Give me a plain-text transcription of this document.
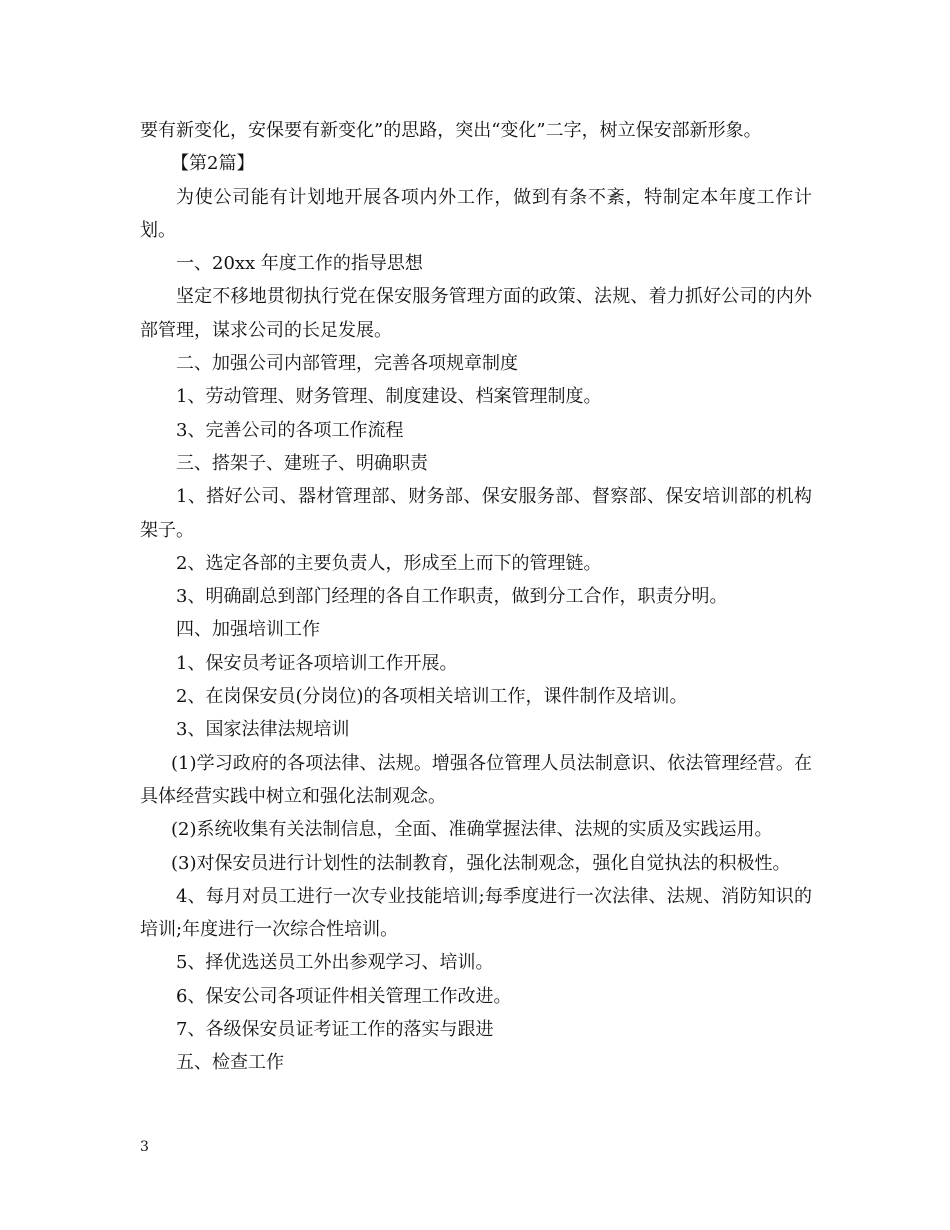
要有新变化，安保要有新变化”的思路，突出“变化”二字，树立保安部新形象。

【第2篇】

为使公司能有计划地开展各项内外工作，做到有条不紊，特制定本年度工作计划。

一、20xx 年度工作的指导思想

坚定不移地贯彻执行党在保安服务管理方面的政策、法规、着力抓好公司的内外部管理，谋求公司的长足发展。

二、加强公司内部管理，完善各项规章制度

1、劳动管理、财务管理、制度建设、档案管理制度。

3、完善公司的各项工作流程

三、搭架子、建班子、明确职责

1、搭好公司、器材管理部、财务部、保安服务部、督察部、保安培训部的机构架子。

2、选定各部的主要负责人，形成至上而下的管理链。

3、明确副总到部门经理的各自工作职责，做到分工合作，职责分明。

四、加强培训工作

1、保安员考证各项培训工作开展。

2、在岗保安员(分岗位)的各项相关培训工作，课件制作及培训。

3、国家法律法规培训

(1)学习政府的各项法律、法规。增强各位管理人员法制意识、依法管理经营。在具体经营实践中树立和强化法制观念。

(2)系统收集有关法制信息，全面、准确掌握法律、法规的实质及实践运用。

(3)对保安员进行计划性的法制教育，强化法制观念，强化自觉执法的积极性。

4、每月对员工进行一次专业技能培训;每季度进行一次法律、法规、消防知识的培训;年度进行一次综合性培训。

5、择优选送员工外出参观学习、培训。

6、保安公司各项证件相关管理工作改进。

7、各级保安员证考证工作的落实与跟进

五、检查工作

3
